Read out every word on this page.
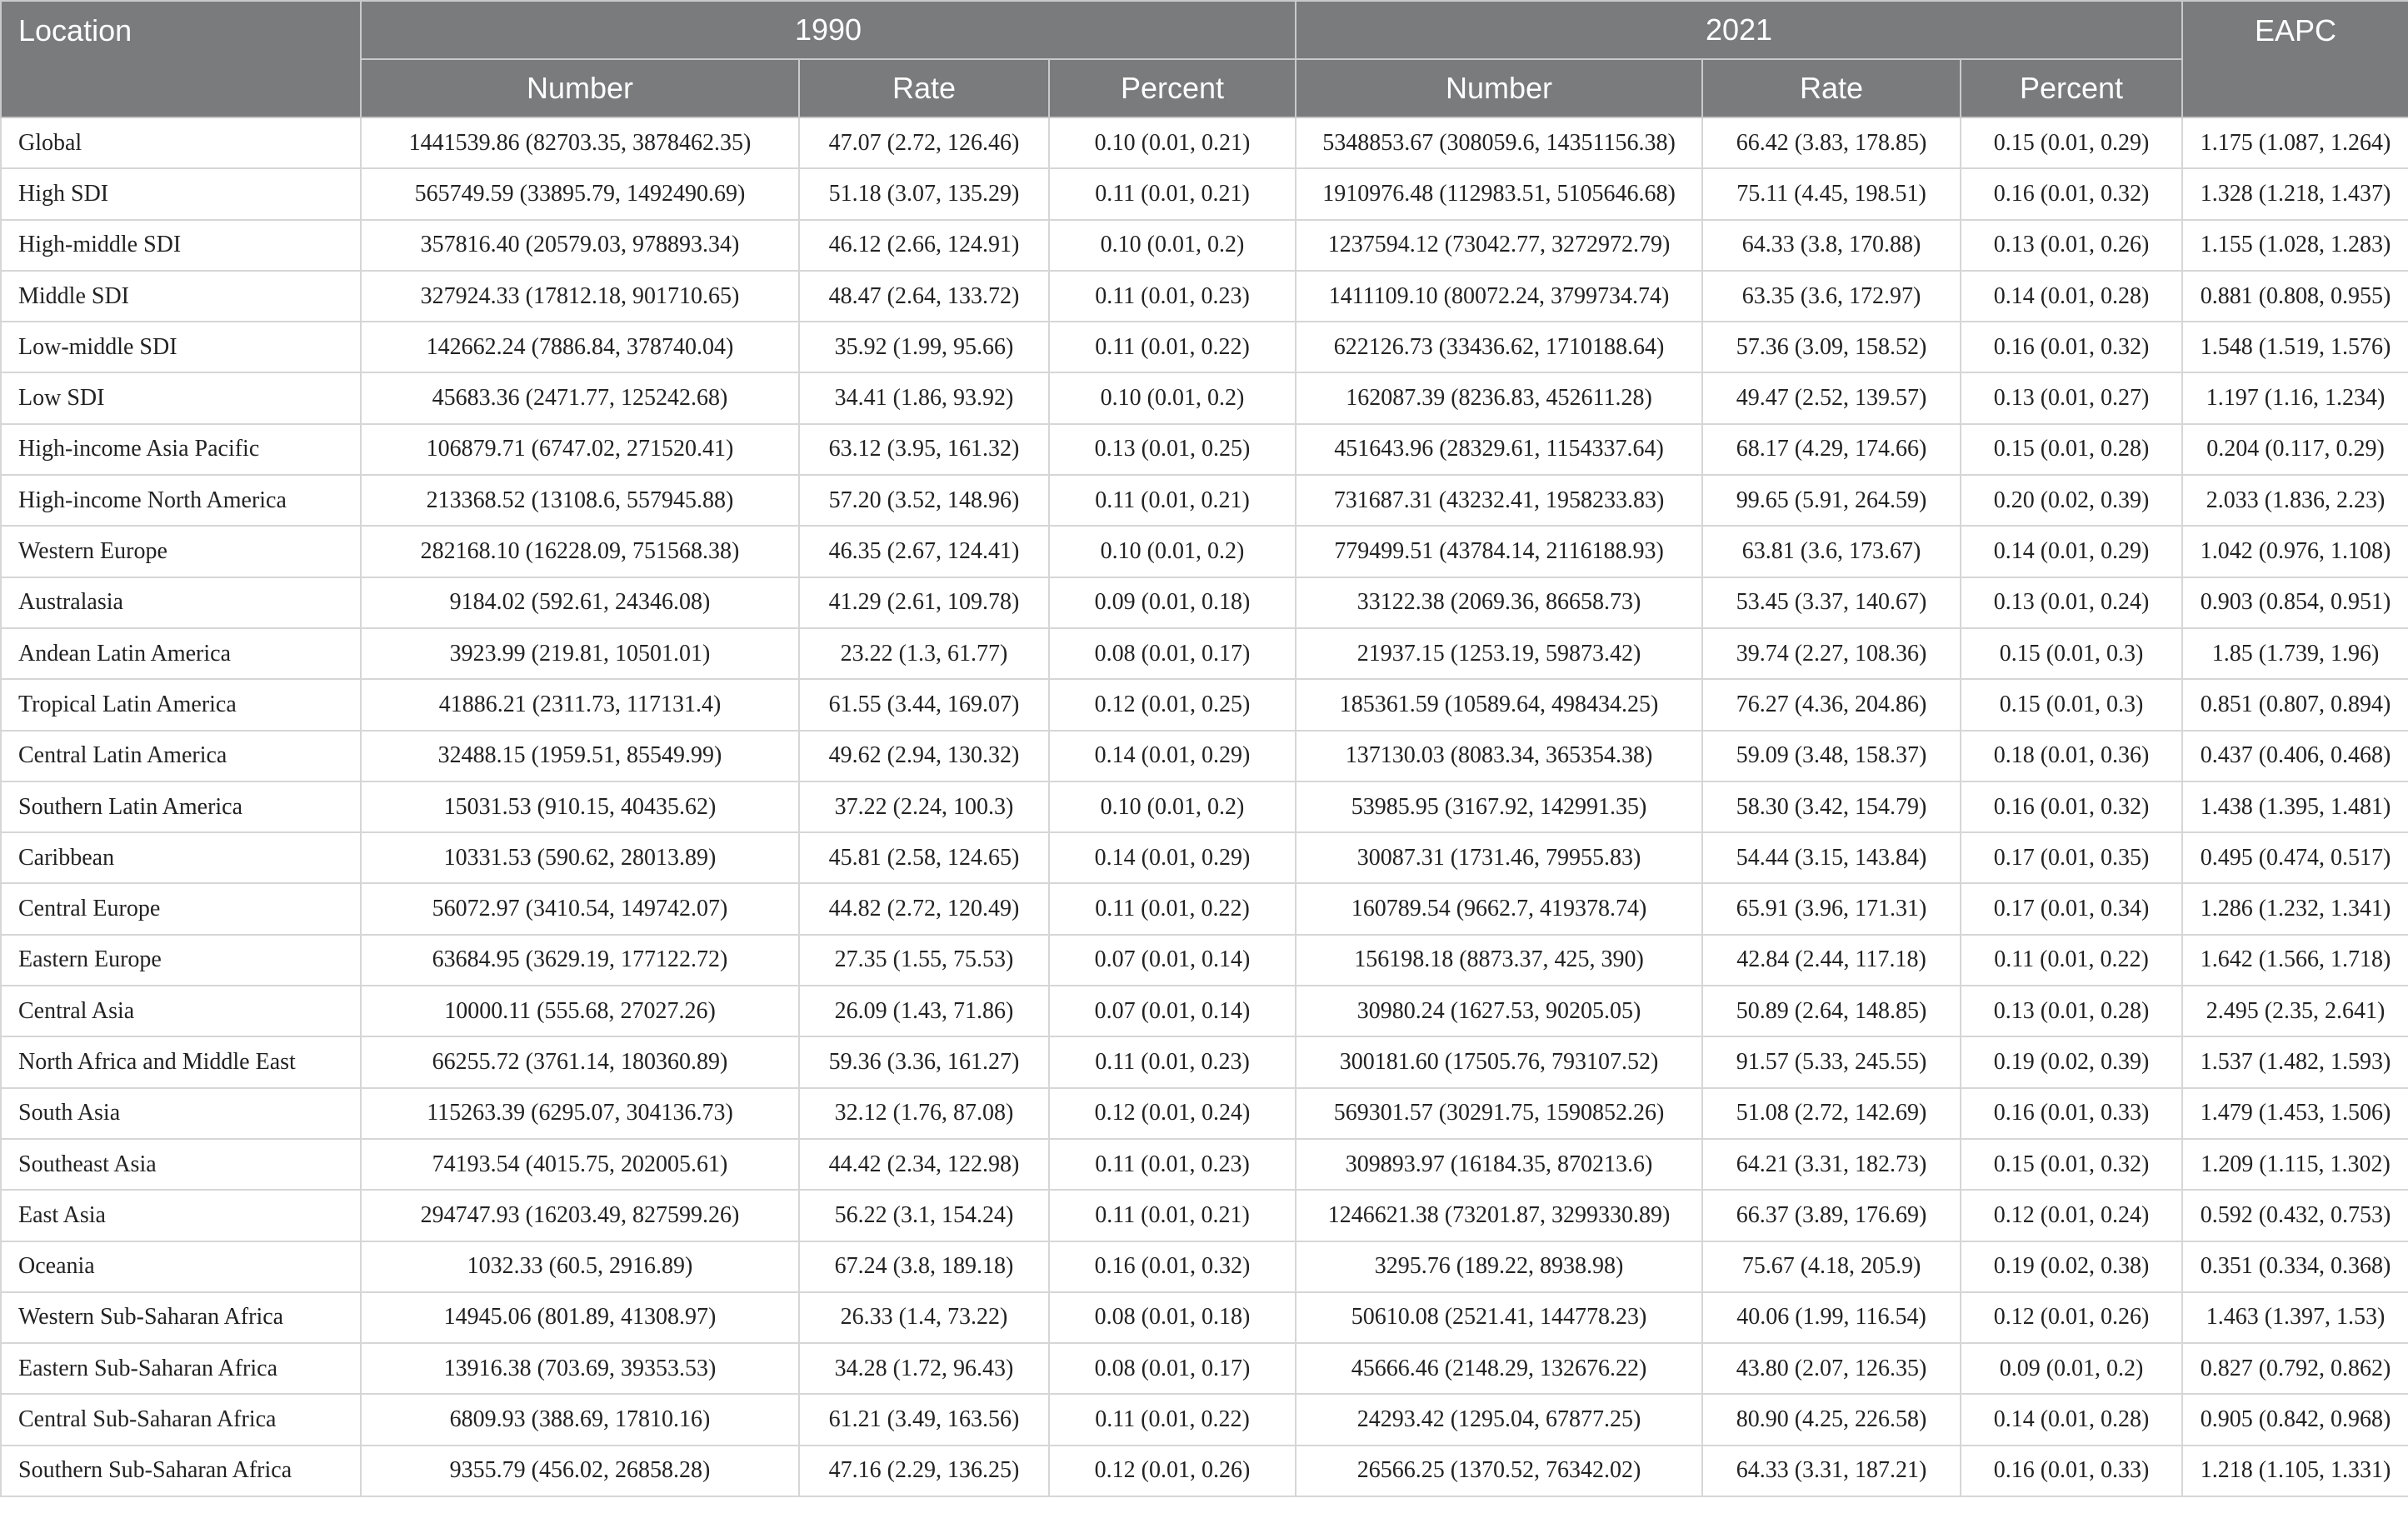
Location	1990			2021			EAPC
	Number	Rate	Percent	Number	Rate	Percent	
Global	1441539.86 (82703.35, 3878462.35)	47.07 (2.72, 126.46)	0.10 (0.01, 0.21)	5348853.67 (308059.6, 14351156.38)	66.42 (3.83, 178.85)	0.15 (0.01, 0.29)	1.175 (1.087, 1.264)
High SDI	565749.59 (33895.79, 1492490.69)	51.18 (3.07, 135.29)	0.11 (0.01, 0.21)	1910976.48 (112983.51, 5105646.68)	75.11 (4.45, 198.51)	0.16 (0.01, 0.32)	1.328 (1.218, 1.437)
High-middle SDI	357816.40 (20579.03, 978893.34)	46.12 (2.66, 124.91)	0.10 (0.01, 0.2)	1237594.12 (73042.77, 3272972.79)	64.33 (3.8, 170.88)	0.13 (0.01, 0.26)	1.155 (1.028, 1.283)
Middle SDI	327924.33 (17812.18, 901710.65)	48.47 (2.64, 133.72)	0.11 (0.01, 0.23)	1411109.10 (80072.24, 3799734.74)	63.35 (3.6, 172.97)	0.14 (0.01, 0.28)	0.881 (0.808, 0.955)
Low-middle SDI	142662.24 (7886.84, 378740.04)	35.92 (1.99, 95.66)	0.11 (0.01, 0.22)	622126.73 (33436.62, 1710188.64)	57.36 (3.09, 158.52)	0.16 (0.01, 0.32)	1.548 (1.519, 1.576)
Low SDI	45683.36 (2471.77, 125242.68)	34.41 (1.86, 93.92)	0.10 (0.01, 0.2)	162087.39 (8236.83, 452611.28)	49.47 (2.52, 139.57)	0.13 (0.01, 0.27)	1.197 (1.16, 1.234)
High-income Asia Pacific	106879.71 (6747.02, 271520.41)	63.12 (3.95, 161.32)	0.13 (0.01, 0.25)	451643.96 (28329.61, 1154337.64)	68.17 (4.29, 174.66)	0.15 (0.01, 0.28)	0.204 (0.117, 0.29)
High-income North America	213368.52 (13108.6, 557945.88)	57.20 (3.52, 148.96)	0.11 (0.01, 0.21)	731687.31 (43232.41, 1958233.83)	99.65 (5.91, 264.59)	0.20 (0.02, 0.39)	2.033 (1.836, 2.23)
Western Europe	282168.10 (16228.09, 751568.38)	46.35 (2.67, 124.41)	0.10 (0.01, 0.2)	779499.51 (43784.14, 2116188.93)	63.81 (3.6, 173.67)	0.14 (0.01, 0.29)	1.042 (0.976, 1.108)
Australasia	9184.02 (592.61, 24346.08)	41.29 (2.61, 109.78)	0.09 (0.01, 0.18)	33122.38 (2069.36, 86658.73)	53.45 (3.37, 140.67)	0.13 (0.01, 0.24)	0.903 (0.854, 0.951)
Andean Latin America	3923.99 (219.81, 10501.01)	23.22 (1.3, 61.77)	0.08 (0.01, 0.17)	21937.15 (1253.19, 59873.42)	39.74 (2.27, 108.36)	0.15 (0.01, 0.3)	1.85 (1.739, 1.96)
Tropical Latin America	41886.21 (2311.73, 117131.4)	61.55 (3.44, 169.07)	0.12 (0.01, 0.25)	185361.59 (10589.64, 498434.25)	76.27 (4.36, 204.86)	0.15 (0.01, 0.3)	0.851 (0.807, 0.894)
Central Latin America	32488.15 (1959.51, 85549.99)	49.62 (2.94, 130.32)	0.14 (0.01, 0.29)	137130.03 (8083.34, 365354.38)	59.09 (3.48, 158.37)	0.18 (0.01, 0.36)	0.437 (0.406, 0.468)
Southern Latin America	15031.53 (910.15, 40435.62)	37.22 (2.24, 100.3)	0.10 (0.01, 0.2)	53985.95 (3167.92, 142991.35)	58.30 (3.42, 154.79)	0.16 (0.01, 0.32)	1.438 (1.395, 1.481)
Caribbean	10331.53 (590.62, 28013.89)	45.81 (2.58, 124.65)	0.14 (0.01, 0.29)	30087.31 (1731.46, 79955.83)	54.44 (3.15, 143.84)	0.17 (0.01, 0.35)	0.495 (0.474, 0.517)
Central Europe	56072.97 (3410.54, 149742.07)	44.82 (2.72, 120.49)	0.11 (0.01, 0.22)	160789.54 (9662.7, 419378.74)	65.91 (3.96, 171.31)	0.17 (0.01, 0.34)	1.286 (1.232, 1.341)
Eastern Europe	63684.95 (3629.19, 177122.72)	27.35 (1.55, 75.53)	0.07 (0.01, 0.14)	156198.18 (8873.37, 425, 390)	42.84 (2.44, 117.18)	0.11 (0.01, 0.22)	1.642 (1.566, 1.718)
Central Asia	10000.11 (555.68, 27027.26)	26.09 (1.43, 71.86)	0.07 (0.01, 0.14)	30980.24 (1627.53, 90205.05)	50.89 (2.64, 148.85)	0.13 (0.01, 0.28)	2.495 (2.35, 2.641)
North Africa and Middle East	66255.72 (3761.14, 180360.89)	59.36 (3.36, 161.27)	0.11 (0.01, 0.23)	300181.60 (17505.76, 793107.52)	91.57 (5.33, 245.55)	0.19 (0.02, 0.39)	1.537 (1.482, 1.593)
South Asia	115263.39 (6295.07, 304136.73)	32.12 (1.76, 87.08)	0.12 (0.01, 0.24)	569301.57 (30291.75, 1590852.26)	51.08 (2.72, 142.69)	0.16 (0.01, 0.33)	1.479 (1.453, 1.506)
Southeast Asia	74193.54 (4015.75, 202005.61)	44.42 (2.34, 122.98)	0.11 (0.01, 0.23)	309893.97 (16184.35, 870213.6)	64.21 (3.31, 182.73)	0.15 (0.01, 0.32)	1.209 (1.115, 1.302)
East Asia	294747.93 (16203.49, 827599.26)	56.22 (3.1, 154.24)	0.11 (0.01, 0.21)	1246621.38 (73201.87, 3299330.89)	66.37 (3.89, 176.69)	0.12 (0.01, 0.24)	0.592 (0.432, 0.753)
Oceania	1032.33 (60.5, 2916.89)	67.24 (3.8, 189.18)	0.16 (0.01, 0.32)	3295.76 (189.22, 8938.98)	75.67 (4.18, 205.9)	0.19 (0.02, 0.38)	0.351 (0.334, 0.368)
Western Sub-Saharan Africa	14945.06 (801.89, 41308.97)	26.33 (1.4, 73.22)	0.08 (0.01, 0.18)	50610.08 (2521.41, 144778.23)	40.06 (1.99, 116.54)	0.12 (0.01, 0.26)	1.463 (1.397, 1.53)
Eastern Sub-Saharan Africa	13916.38 (703.69, 39353.53)	34.28 (1.72, 96.43)	0.08 (0.01, 0.17)	45666.46 (2148.29, 132676.22)	43.80 (2.07, 126.35)	0.09 (0.01, 0.2)	0.827 (0.792, 0.862)
Central Sub-Saharan Africa	6809.93 (388.69, 17810.16)	61.21 (3.49, 163.56)	0.11 (0.01, 0.22)	24293.42 (1295.04, 67877.25)	80.90 (4.25, 226.58)	0.14 (0.01, 0.28)	0.905 (0.842, 0.968)
Southern Sub-Saharan Africa	9355.79 (456.02, 26858.28)	47.16 (2.29, 136.25)	0.12 (0.01, 0.26)	26566.25 (1370.52, 76342.02)	64.33 (3.31, 187.21)	0.16 (0.01, 0.33)	1.218 (1.105, 1.331)
